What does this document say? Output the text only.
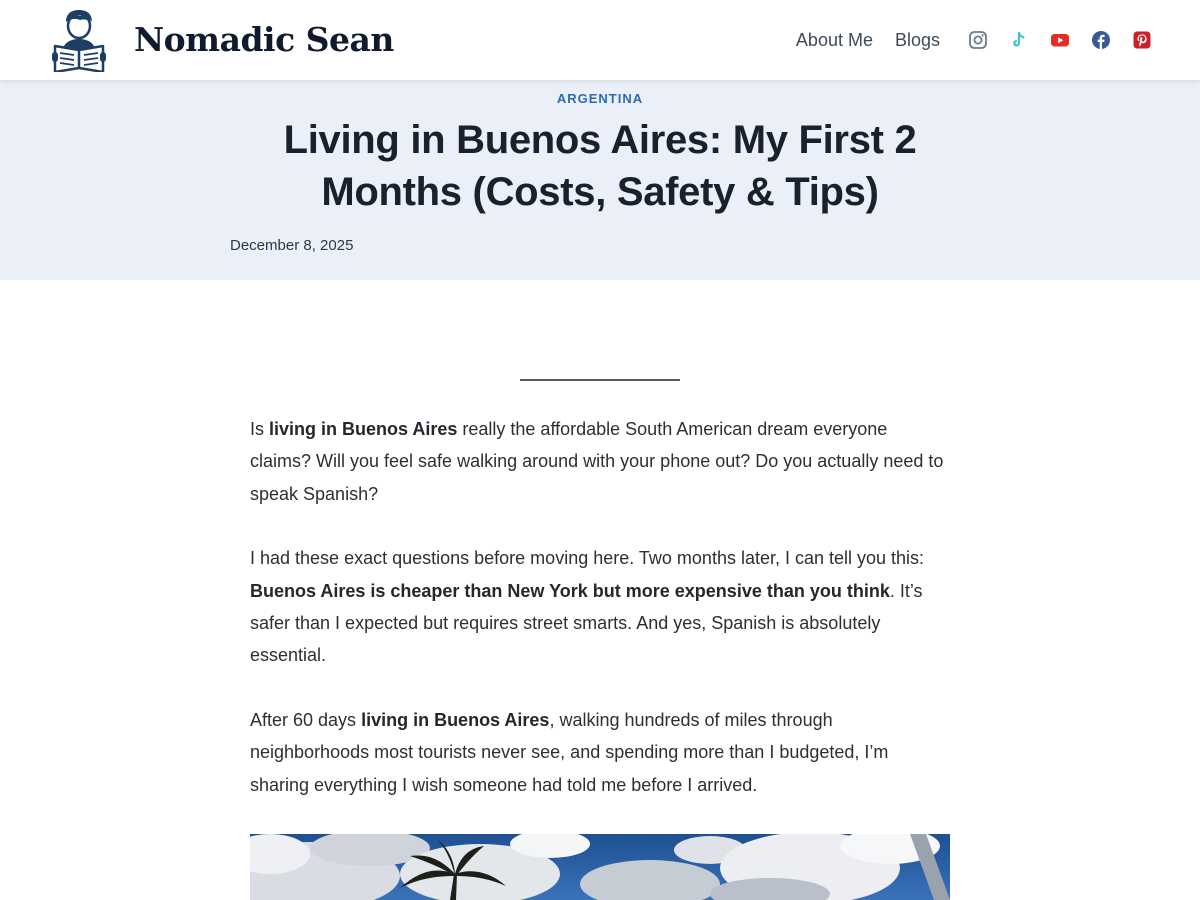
Nomadic Sean	About Me Blogs
ARGENTINA
Living in Buenos Aires: My First 2 Months (Costs, Safety & Tips)
December 8, 2025

Is living in Buenos Aires really the affordable South American dream everyone claims? Will you feel safe walking around with your phone out? Do you actually need to speak Spanish?

I had these exact questions before moving here. Two months later, I can tell you this: Buenos Aires is cheaper than New York but more expensive than you think. It’s safer than I expected but requires street smarts. And yes, Spanish is absolutely essential.

After 60 days living in Buenos Aires, walking hundreds of miles through neighborhoods most tourists never see, and spending more than I budgeted, I’m sharing everything I wish someone had told me before I arrived.
